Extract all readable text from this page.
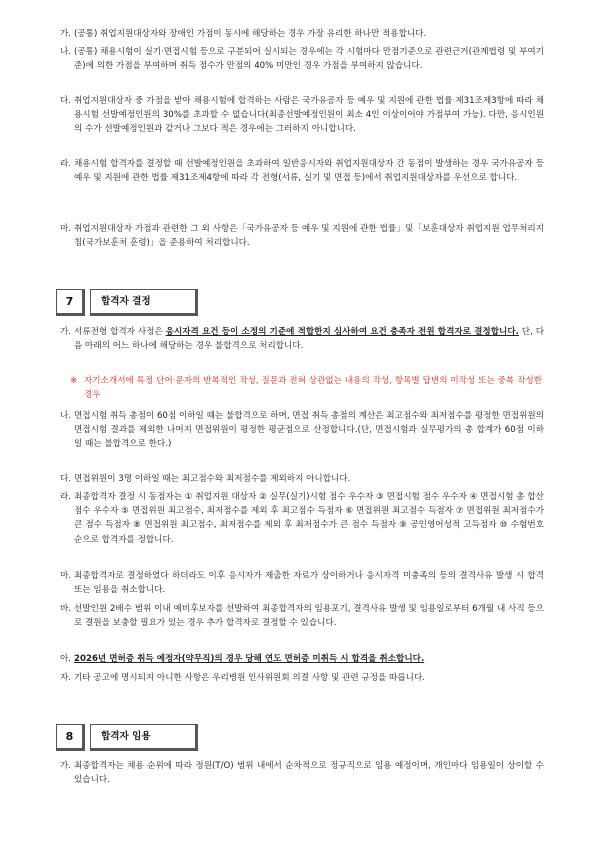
가. (공통) 취업지원대상자와 장애인 가점이 동시에 해당하는 경우 가장 유리한 하나만 적용합니다.
나. (공통) 채용시험이 실기·면접시험 등으로 구분되어 실시되는 경우에는 각 시험마다 만점기준으로 관련근거(관계법령 및 부여기준)에 의한 가점을 부여하며 취득 점수가 만점의 40% 미만인 경우 가점을 부여하지 않습니다.
다. 취업지원대상자 중 가점을 받아 채용시험에 합격하는 사람은 국가유공자 등 예우 및 지원에 관한 법률 제31조제3항에 따라 채용시험 선발예정인원의 30%를 초과할 수 없습니다(최종선발예정인원이 최소 4인 이상이어야 가점부여 가능). 다만, 응시인원의 수가 선발예정인원과 같거나 그보다 적은 경우에는 그러하지 아니합니다.
라. 채용시험 합격자를 결정할 때 선발예정인원을 초과하여 일반응시자와 취업지원대상자 간 동점이 발생하는 경우 국가유공자 등 예우 및 지원에 관한 법률 제31조제4항에 따라 각 전형(서류, 실기 및 면접 등)에서 취업지원대상자를 우선으로 합니다.
마. 취업지원대상자 가점과 관련한 그 외 사항은「국가유공자 등 예우 및 지원에 관한 법률」및「보훈대상자 취업지원 업무처리지침(국가보훈처 훈령)」을 준용하여 처리합니다.
7	합격자 결정
가. 서류전형 합격자 사정은 응시자격 요건 등이 소정의 기준에 적합한지 심사하여 요건 충족자 전원 합격자로 결정합니다. 단, 다음 아래의 어느 하나에 해당하는 경우 불합격으로 처리합니다.
※ 자기소개서에 특정 단어·문자의 반복적인 작성, 질문과 전혀 상관없는 내용의 작성, 항목별 답변의 미작성 또는 중복 작성한 경우
나. 면접시험 취득 총점이 60점 이하일 때는 불합격으로 하며, 면접 취득 총점의 계산은 최고점수와 최저점수를 평정한 면접위원의 면접시험 결과를 제외한 나머지 면접위원이 평정한 평균점으로 산정합니다.(단, 면접시험과 실무평가의 총 합계가 60점 이하일 때는 불합격으로 한다.)
다. 면접위원이 3명 이하일 때는 최고점수와 최저점수를 제외하지 아니합니다.
라. 최종합격자 결정 시 동점자는 ① 취업지원 대상자 ② 실무(실기)시험 점수 우수자 ③ 면접시험 점수 우수자 ④ 면접시험 총 합산점수 우수자 ⑤ 면접위원 최고점수, 최저점수를 제외 후 최고점수 득점자 ⑥ 면접위원 최고점수 득점자 ⑦ 면접위원 최저점수가 큰 점수 득점자 ⑧ 면접위원 최고점수, 최저점수를 제외 후 최저점수가 큰 점수 득점자 ⑨ 공인영어성적 고득점자 ⑩ 수험번호순으로 합격자를 정합니다.
마. 최종합격자로 결정하였다 하더라도 이후 응시자가 제출한 자료가 상이하거나 응시자격 미충족의 등의 결격사유 발생 시 합격 또는 임용을 취소합니다.
바. 선발인원 2배수 범위 이내 예비후보자를 선발하여 최종합격자의 임용포기, 결격사유 발생 및 임용일로부터 6개월 내 사직 등으로 결원을 보충할 필요가 있는 경우 추가 합격자로 결정할 수 있습니다.
아. 2026년 면허증 취득 예정자(약무직)의 경우 당해 연도 면허증 미취득 시 합격을 취소합니다.
자. 기타 공고에 명시되지 아니한 사항은 우리병원 인사위원회 의결 사항 및 관련 규정을 따릅니다.
8	합격자 임용
가. 최종합격자는 채용 순위에 따라 정원(T/O) 범위 내에서 순차적으로 정규직으로 임용 예정이며, 개인마다 임용일이 상이할 수 있습니다.
